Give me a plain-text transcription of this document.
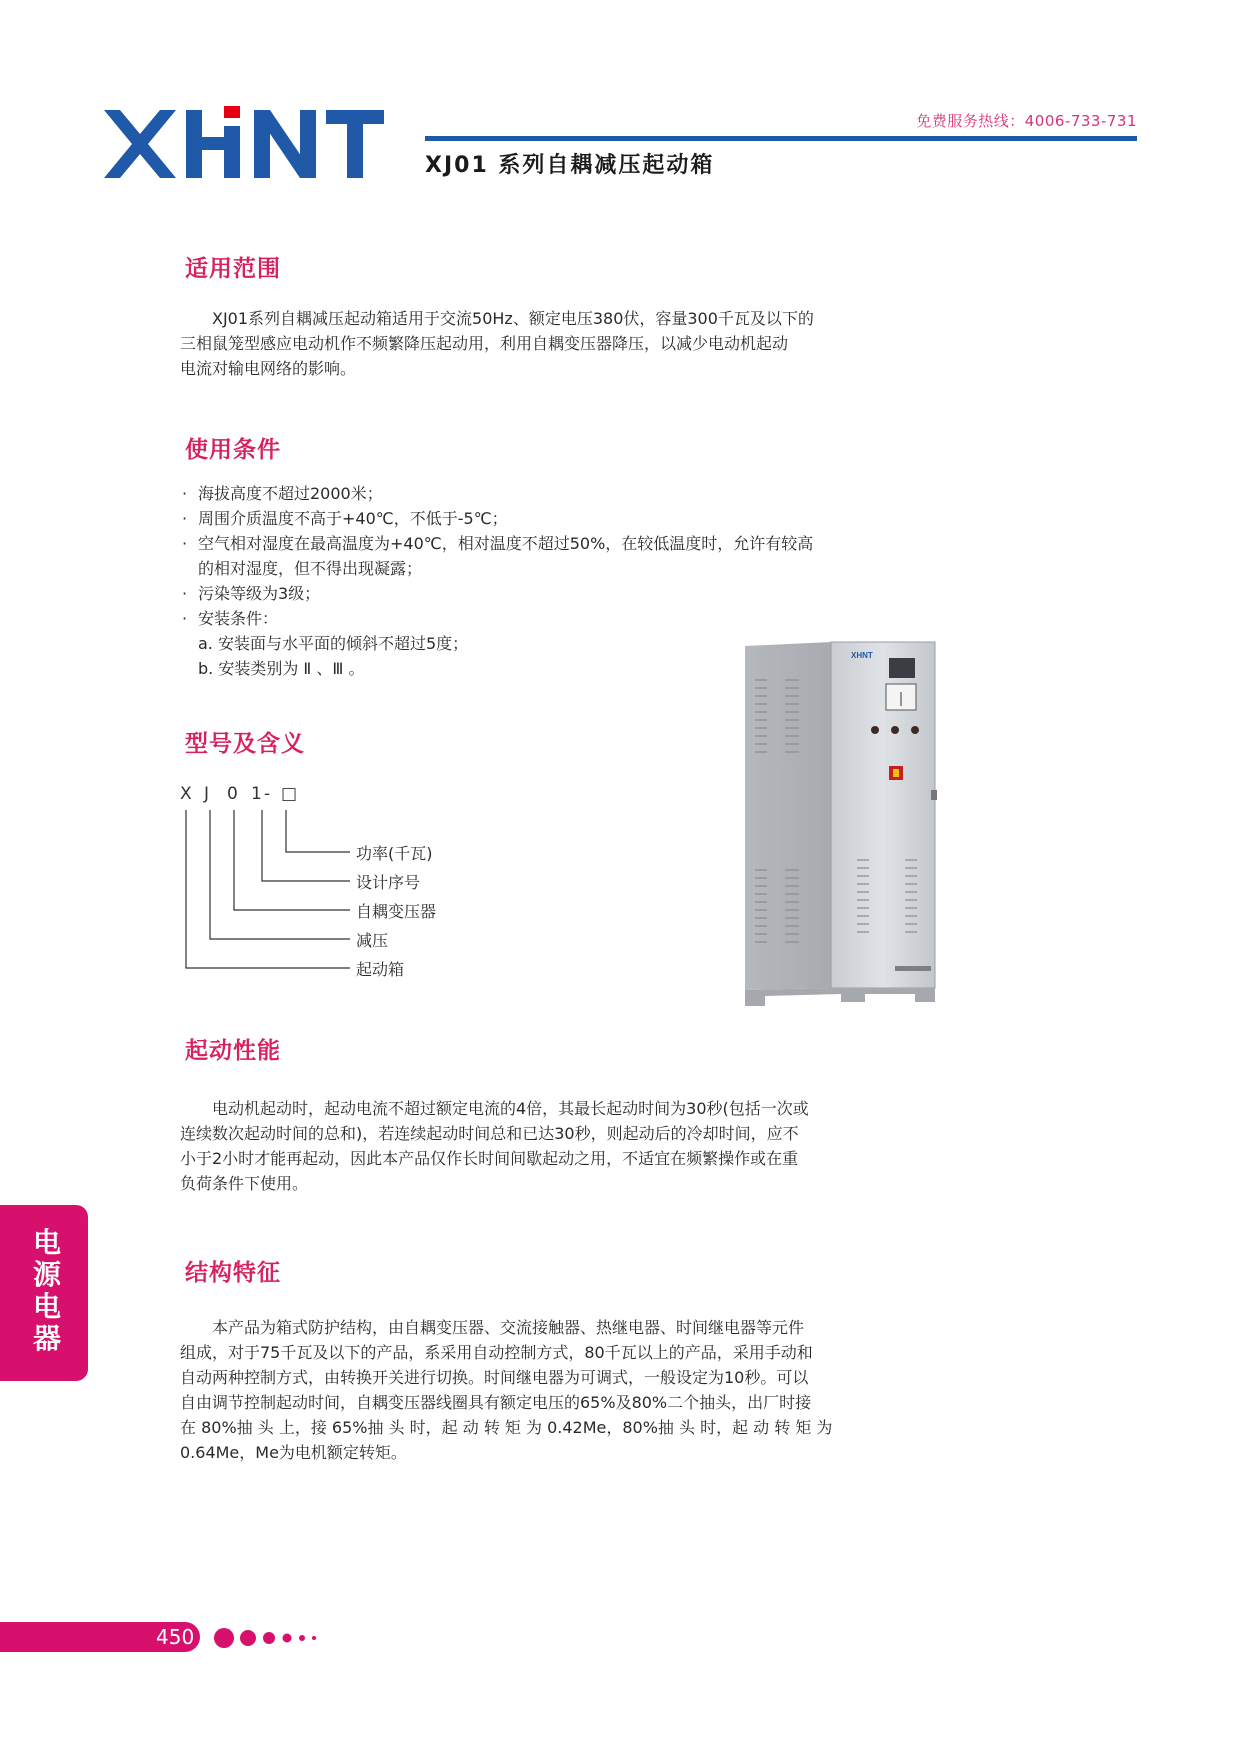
免费服务热线：4006-733-731
XJ01 系列自耦减压起动箱
适用范围
XJ01系列自耦减压起动箱适用于交流50Hz、额定电压380伏，容量300千瓦及以下的
三相鼠笼型感应电动机作不频繁降压起动用，利用自耦变压器降压，以减少电动机起动
电流对输电网络的影响。
使用条件
· 海拔高度不超过2000米；
· 周围介质温度不高于+40℃，不低于-5℃；
· 空气相对湿度在最高温度为+40℃，相对温度不超过50%，在较低温度时，允许有较高
的相对湿度，但不得出现凝露；
· 污染等级为3级；
· 安装条件：
a. 安装面与水平面的倾斜不超过5度；
b. 安装类别为 Ⅱ 、Ⅲ 。
型号及含义
X J 0 1 - □
功率(千瓦)
设计序号
自耦变压器
减压
起动箱
XHNT
起动性能
电动机起动时，起动电流不超过额定电流的4倍，其最长起动时间为30秒(包括一次或
连续数次起动时间的总和)，若连续起动时间总和已达30秒，则起动后的冷却时间，应不
小于2小时才能再起动，因此本产品仅作长时间间歇起动之用，不适宜在频繁操作或在重
负荷条件下使用。
电源电器
结构特征
本产品为箱式防护结构，由自耦变压器、交流接触器、热继电器、时间继电器等元件
组成，对于75千瓦及以下的产品，系采用自动控制方式，80千瓦以上的产品，采用手动和
自动两种控制方式，由转换开关进行切换。时间继电器为可调式，一般设定为10秒。可以
自由调节控制起动时间，自耦变压器线圈具有额定电压的65%及80%二个抽头，出厂时接
在 80%抽 头 上，接 65%抽 头 时，起 动 转 矩 为 0.42Me，80%抽 头 时，起 动 转 矩 为
0.64Me，Me为电机额定转矩。
450
